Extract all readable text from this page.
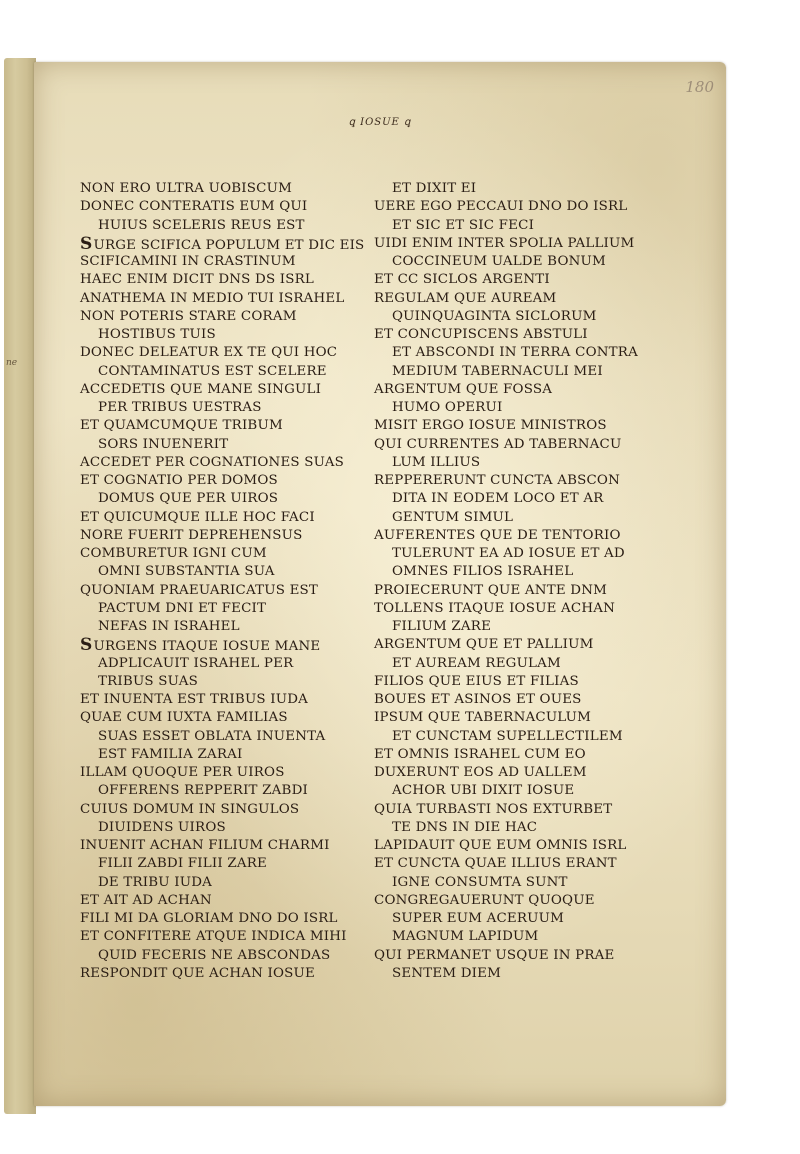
ne
180
ꝗ IOSUE ꝗ
NON ERO ULTRA UOBISCUM
DONEC CONTERATIS EUM QUI
HUIUS SCELERIS REUS EST
SURGE SCIFICA POPULUM ET DIC EIS
SCIFICAMINI IN CRASTINUM
HAEC ENIM DICIT DNS DS ISRL
ANATHEMA IN MEDIO TUI ISRAHEL
NON POTERIS STARE CORAM
HOSTIBUS TUIS
DONEC DELEATUR EX TE QUI HOC
CONTAMINATUS EST SCELERE
ACCEDETIS QUE MANE SINGULI
PER TRIBUS UESTRAS
ET QUAMCUMQUE TRIBUM
SORS INUENERIT
ACCEDET PER COGNATIONES SUAS
ET COGNATIO PER DOMOS
DOMUS QUE PER UIROS
ET QUICUMQUE ILLE HOC FACI
NORE FUERIT DEPREHENSUS
COMBURETUR IGNI CUM
OMNI SUBSTANTIA SUA
QUONIAM PRAEUARICATUS EST
PACTUM DNI ET FECIT
NEFAS IN ISRAHEL
SURGENS ITAQUE IOSUE MANE
ADPLICAUIT ISRAHEL PER
TRIBUS SUAS
ET INUENTA EST TRIBUS IUDA
QUAE CUM IUXTA FAMILIAS
SUAS ESSET OBLATA INUENTA
EST FAMILIA ZARAI
ILLAM QUOQUE PER UIROS
OFFERENS REPPERIT ZABDI
CUIUS DOMUM IN SINGULOS
DIUIDENS UIROS
INUENIT ACHAN FILIUM CHARMI
FILII ZABDI FILII ZARE
DE TRIBU IUDA
ET AIT AD ACHAN
FILI MI DA GLORIAM DNO DO ISRL
ET CONFITERE ATQUE INDICA MIHI
QUID FECERIS NE ABSCONDAS
RESPONDIT QUE ACHAN IOSUE
ET DIXIT EI
UERE EGO PECCAUI DNO DO ISRL
ET SIC ET SIC FECI
UIDI ENIM INTER SPOLIA PALLIUM
COCCINEUM UALDE BONUM
ET CC SICLOS ARGENTI
REGULAM QUE AUREAM
QUINQUAGINTA SICLORUM
ET CONCUPISCENS ABSTULI
ET ABSCONDI IN TERRA CONTRA
MEDIUM TABERNACULI MEI
ARGENTUM QUE FOSSA
HUMO OPERUI
MISIT ERGO IOSUE MINISTROS
QUI CURRENTES AD TABERNACU
LUM ILLIUS
REPPERERUNT CUNCTA ABSCON
DITA IN EODEM LOCO ET AR
GENTUM SIMUL
AUFERENTES QUE DE TENTORIO
TULERUNT EA AD IOSUE ET AD
OMNES FILIOS ISRAHEL
PROIECERUNT QUE ANTE DNM
TOLLENS ITAQUE IOSUE ACHAN
FILIUM ZARE
ARGENTUM QUE ET PALLIUM
ET AUREAM REGULAM
FILIOS QUE EIUS ET FILIAS
BOUES ET ASINOS ET OUES
IPSUM QUE TABERNACULUM
ET CUNCTAM SUPELLECTILEM
ET OMNIS ISRAHEL CUM EO
DUXERUNT EOS AD UALLEM
ACHOR UBI DIXIT IOSUE
QUIA TURBASTI NOS EXTURBET
TE DNS IN DIE HAC
LAPIDAUIT QUE EUM OMNIS ISRL
ET CUNCTA QUAE ILLIUS ERANT
IGNE CONSUMTA SUNT
CONGREGAUERUNT QUOQUE
SUPER EUM ACERUUM
MAGNUM LAPIDUM
QUI PERMANET USQUE IN PRAE
SENTEM DIEM
